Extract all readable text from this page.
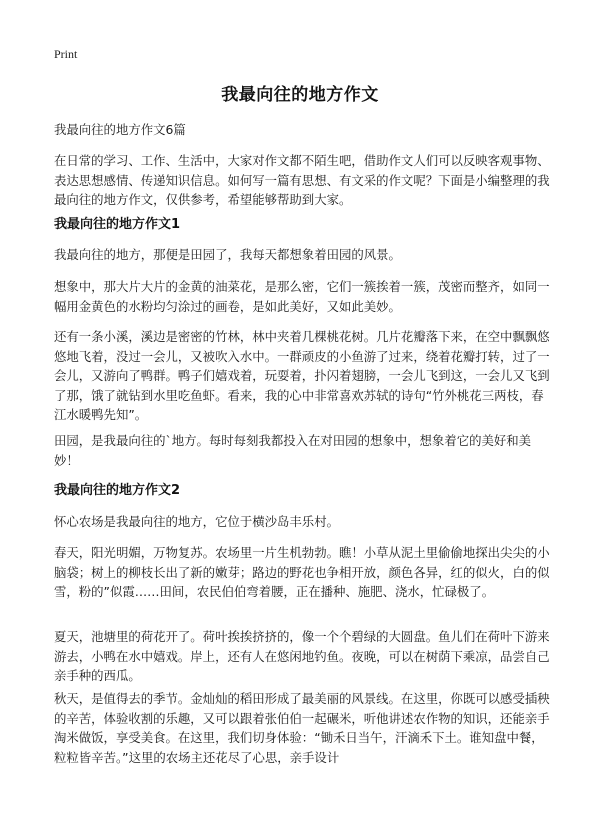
Print
我最向往的地方作文

我最向往的地方作文6篇

在日常的学习、工作、生活中，大家对作文都不陌生吧，借助作文人们可以反映客观事物、表达思想感情、传递知识信息。如何写一篇有思想、有文采的作文呢？下面是小编整理的我最向往的地方作文，仅供参考，希望能够帮助到大家。

我最向往的地方作文1

我最向往的地方，那便是田园了，我每天都想象着田园的风景。

想象中，那大片大片的金黄的油菜花，是那么密，它们一簇挨着一簇，茂密而整齐，如同一幅用金黄色的水粉均匀涂过的画卷，是如此美好，又如此美妙。

还有一条小溪，溪边是密密的竹林，林中夹着几棵桃花树。几片花瓣落下来，在空中飘飘悠悠地飞着，没过一会儿，又被吹入水中。一群顽皮的小鱼游了过来，绕着花瓣打转，过了一会儿，又游向了鸭群。鸭子们嬉戏着，玩耍着，扑闪着翅膀，一会儿飞到这，一会儿又飞到了那，饿了就钻到水里吃鱼虾。看来，我的心中非常喜欢苏轼的诗句“竹外桃花三两枝，春江水暖鸭先知”。

田园，是我最向往的`地方。每时每刻我都投入在对田园的想象中，想象着它的美好和美妙！

我最向往的地方作文2

怀心农场是我最向往的地方，它位于横沙岛丰乐村。

春天，阳光明媚，万物复苏。农场里一片生机勃勃。瞧！小草从泥土里偷偷地探出尖尖的小脑袋；树上的柳枝长出了新的嫩芽；路边的野花也争相开放，颜色各异，红的似火，白的似雪，粉的”似霞……田间，农民伯伯弯着腰，正在播种、施肥、浇水，忙碌极了。

夏天，池塘里的荷花开了。荷叶挨挨挤挤的，像一个个碧绿的大圆盘。鱼儿们在荷叶下游来游去，小鸭在水中嬉戏。岸上，还有人在悠闲地钓鱼。夜晚，可以在树荫下乘凉，品尝自己亲手种的西瓜。

秋天，是值得去的季节。金灿灿的稻田形成了最美丽的风景线。在这里，你既可以感受插秧的辛苦，体验收割的乐趣，又可以跟着张伯伯一起碾米，听他讲述农作物的知识，还能亲手淘米做饭，享受美食。在这里，我们切身体验：“锄禾日当午，汗滴禾下土。谁知盘中餐，粒粒皆辛苦。”这里的农场主还花尽了心思，亲手设计
